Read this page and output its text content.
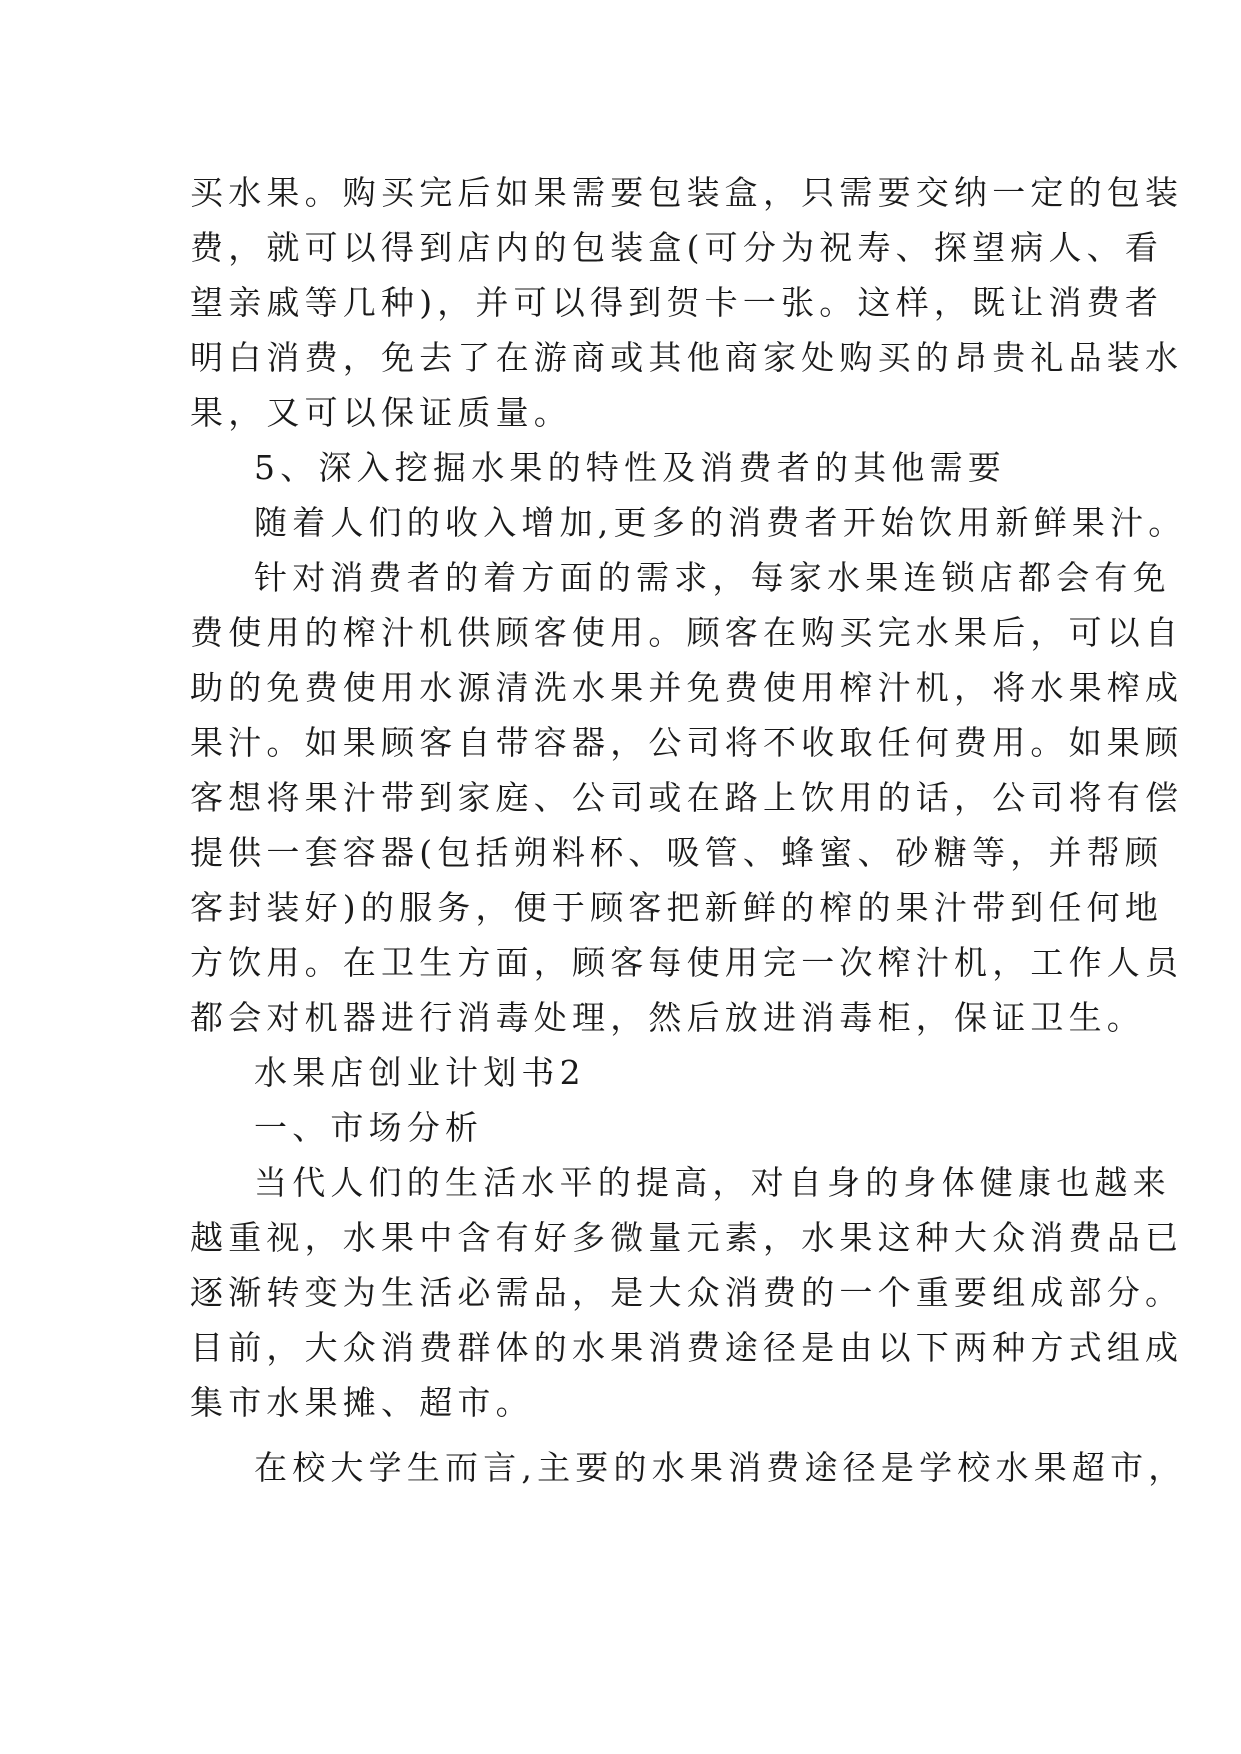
买水果。购买完后如果需要包装盒，只需要交纳一定的包装
费，就可以得到店内的包装盒(可分为祝寿、探望病人、看
望亲戚等几种)，并可以得到贺卡一张。这样，既让消费者
明白消费，免去了在游商或其他商家处购买的昂贵礼品装水
果，又可以保证质量。
5、深入挖掘水果的特性及消费者的其他需要
随着人们的收入增加,更多的消费者开始饮用新鲜果汁。
针对消费者的着方面的需求，每家水果连锁店都会有免
费使用的榨汁机供顾客使用。顾客在购买完水果后，可以自
助的免费使用水源清洗水果并免费使用榨汁机，将水果榨成
果汁。如果顾客自带容器，公司将不收取任何费用。如果顾
客想将果汁带到家庭、公司或在路上饮用的话，公司将有偿
提供一套容器(包括朔料杯、吸管、蜂蜜、砂糖等，并帮顾
客封装好)的服务，便于顾客把新鲜的榨的果汁带到任何地
方饮用。在卫生方面，顾客每使用完一次榨汁机，工作人员
都会对机器进行消毒处理，然后放进消毒柜，保证卫生。
水果店创业计划书2
一、市场分析
当代人们的生活水平的提高，对自身的身体健康也越来
越重视，水果中含有好多微量元素，水果这种大众消费品已
逐渐转变为生活必需品，是大众消费的一个重要组成部分。
目前，大众消费群体的水果消费途径是由以下两种方式组成
集市水果摊、超市。
在校大学生而言,主要的水果消费途径是学校水果超市，
